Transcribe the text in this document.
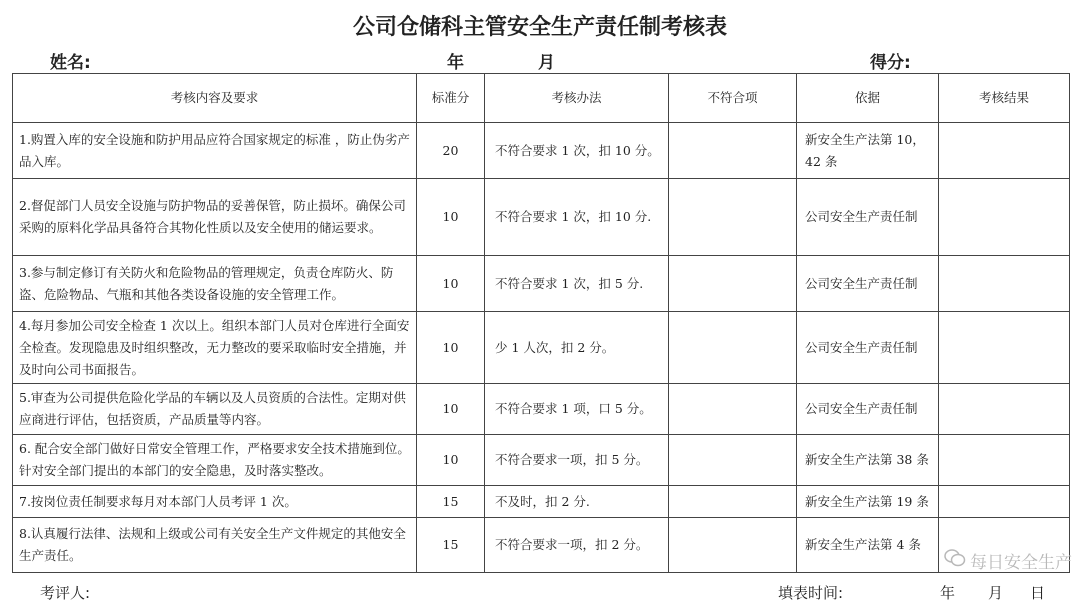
公司仓储科主管安全生产责任制考核表
姓名:	年	月	得分:
考核内容及要求	标准分	考核办法	不符合项	依据	考核结果
1.购置入库的安全设施和防护用品应符合国家规定的标准 ，防止伪劣产品入库。	20	不符合要求 1 次，扣 10 分。		新安全生产法第 10，42 条	
2.督促部门人员安全设施与防护物品的妥善保管，防止损坏。确保公司采购的原料化学品具备符合其物化性质以及安全使用的储运要求。	10	不符合要求 1 次，扣 10 分.		公司安全生产责任制	
3.参与制定修订有关防火和危险物品的管理规定，负责仓库防火、防盗、危险物品、气瓶和其他各类设备设施的安全管理工作。	10	不符合要求 1 次，扣 5 分.		公司安全生产责任制	
4.每月参加公司安全检查 1 次以上。组织本部门人员对仓库进行全面安全检查。发现隐患及时组织整改，无力整改的要采取临时安全措施，并及时向公司书面报告。	10	少 1 人次，扣 2 分。		公司安全生产责任制	
5.审查为公司提供危险化学品的车辆以及人员资质的合法性。定期对供应商进行评估，包括资质，产品质量等内容。	10	不符合要求 1 项，口 5 分。		公司安全生产责任制	
6. 配合安全部门做好日常安全管理工作，严格要求安全技术措施到位。针对安全部门提出的本部门的安全隐患，及时落实整改。	10	不符合要求一项，扣 5 分。		新安全生产法第 38 条	
7.按岗位责任制要求每月对本部门人员考评 1 次。	15	不及时，扣 2 分.		新安全生产法第 19 条	
8.认真履行法律、法规和上级或公司有关安全生产文件规定的其他安全生产责任。	15	不符合要求一项，扣 2 分。		新安全生产法第 4 条	
考评人:	填表时间:	年 月 日
每日安全生产
